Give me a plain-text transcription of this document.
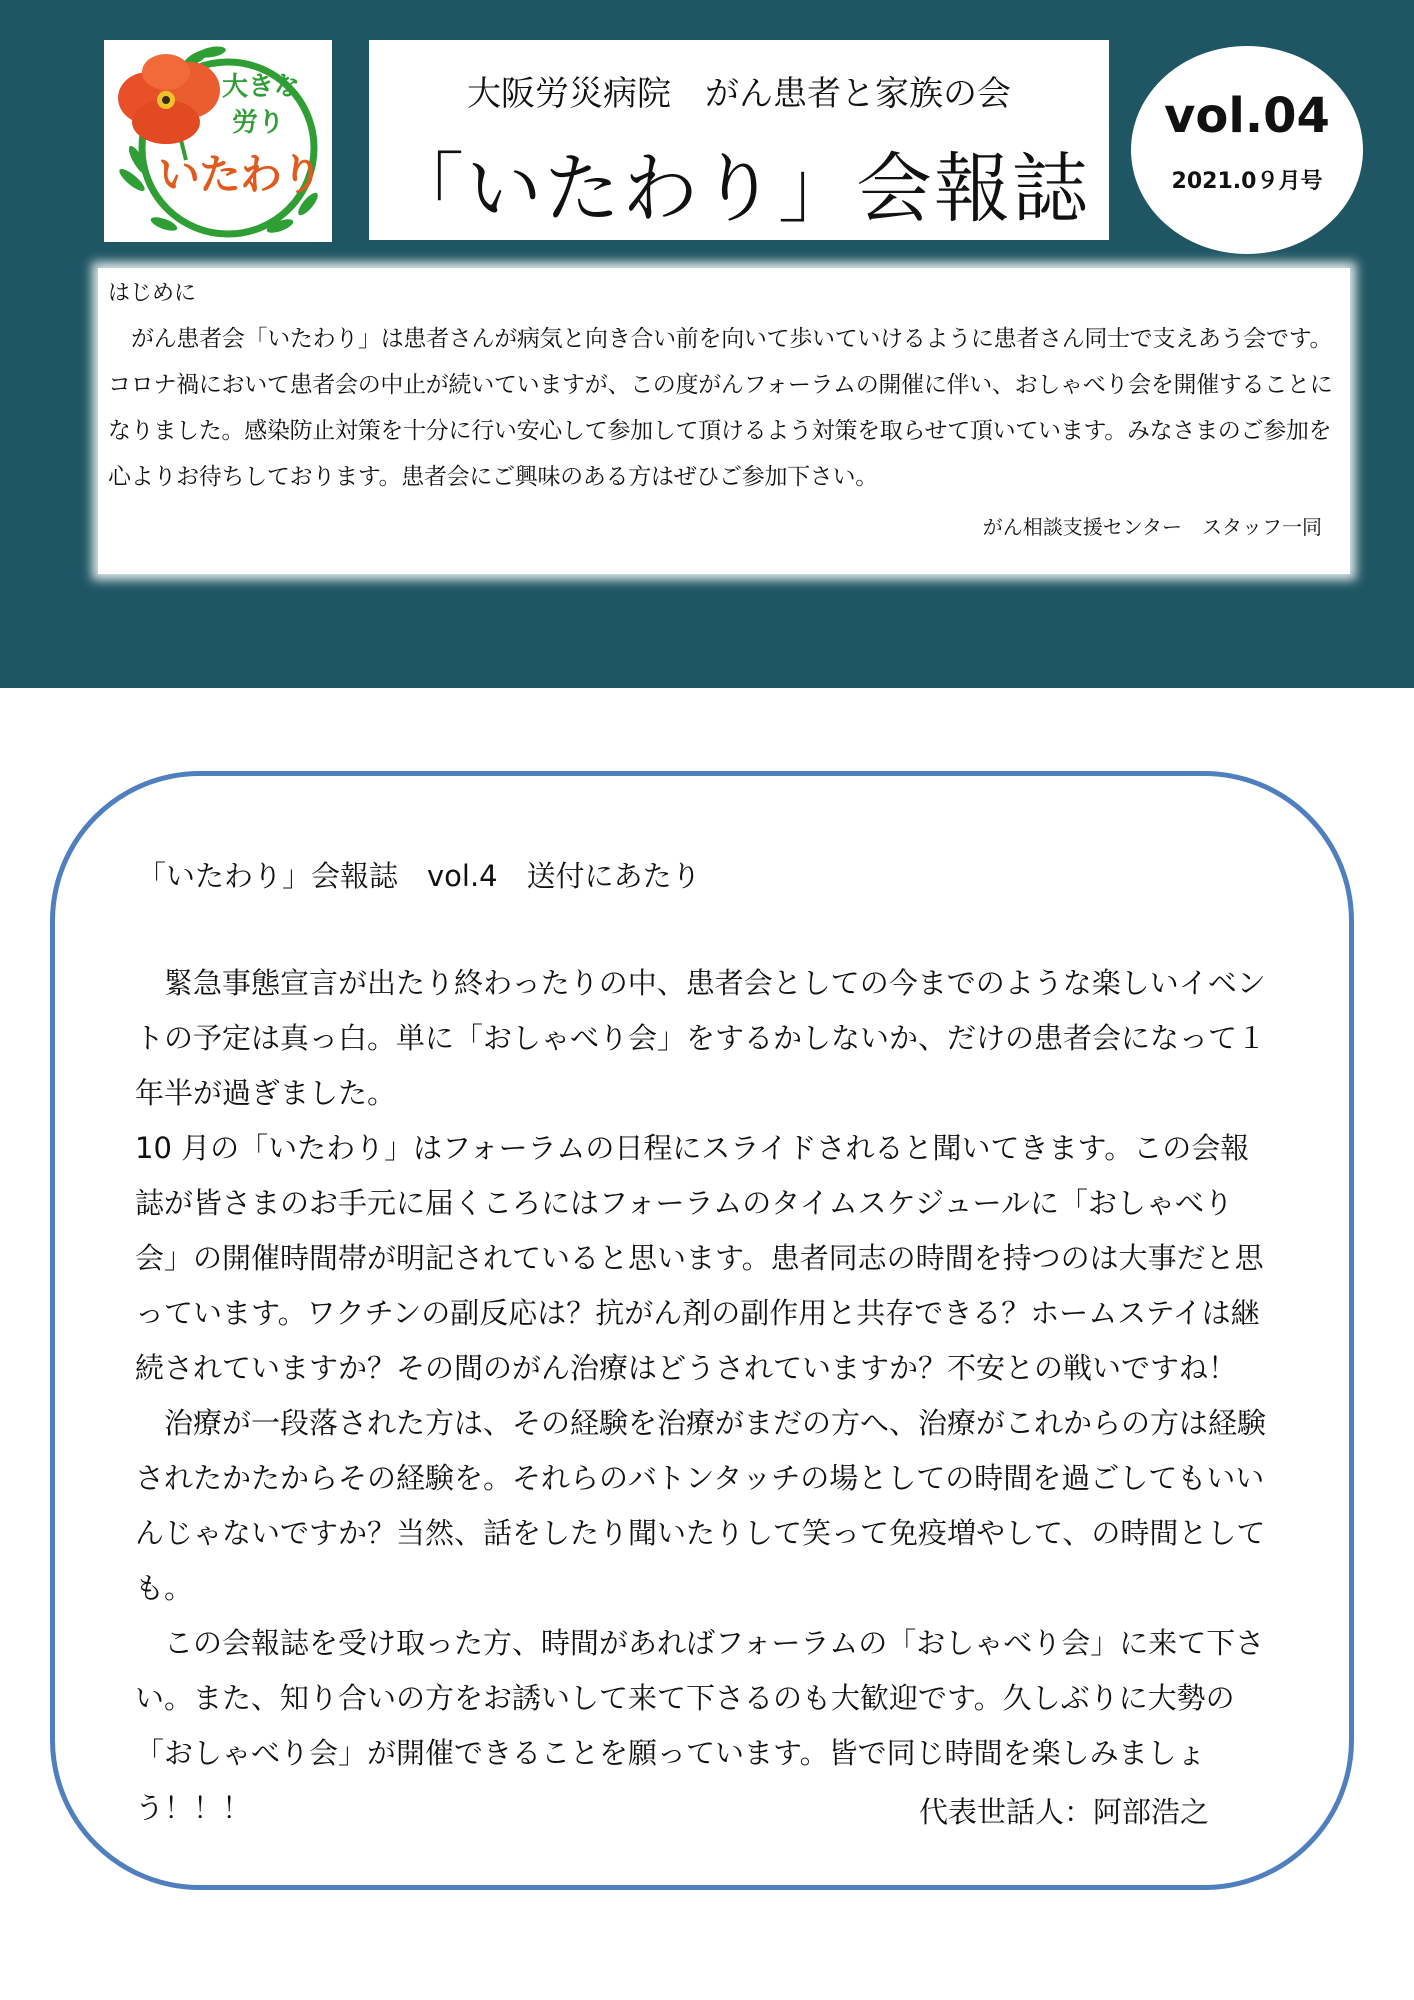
大きな
労り
いたわり
大阪労災病院　がん患者と家族の会
「いたわり」会報誌
vol.04
2021.0９月号
はじめに

がん患者会「いたわり」は患者さんが病気と向き合い前を向いて歩いていけるように患者さん同士で支えあう会です。コロナ禍において患者会の中止が続いていますが、この度がんフォーラムの開催に伴い、おしゃべり会を開催することになりました。感染防止対策を十分に行い安心して参加して頂けるよう対策を取らせて頂いています。みなさまのご参加を心よりお待ちしております。患者会にご興味のある方はぜひご参加下さい。

がん相談支援センター　スタッフ一同
「いたわり」会報誌　vol.4　送付にあたり

緊急事態宣言が出たり終わったりの中、患者会としての今までのような楽しいイベントの予定は真っ白。単に「おしゃべり会」をするかしないか、だけの患者会になって１年半が過ぎました。

10 月の「いたわり」はフォーラムの日程にスライドされると聞いてきます。この会報誌が皆さまのお手元に届くころにはフォーラムのタイムスケジュールに「おしゃべり会」の開催時間帯が明記されていると思います。患者同志の時間を持つのは大事だと思っています。ワクチンの副反応は？抗がん剤の副作用と共存できる？ホームステイは継続されていますか？その間のがん治療はどうされていますか？不安との戦いですね！

治療が一段落された方は、その経験を治療がまだの方へ、治療がこれからの方は経験されたかたからその経験を。それらのバトンタッチの場としての時間を過ごしてもいいんじゃないですか？当然、話をしたり聞いたりして笑って免疫増やして、の時間としても。

この会報誌を受け取った方、時間があればフォーラムの「おしゃべり会」に来て下さい。また、知り合いの方をお誘いして来て下さるのも大歓迎です。久しぶりに大勢の「おしゃべり会」が開催できることを願っています。皆で同じ時間を楽しみましょう！！！	代表世話人：阿部浩之
